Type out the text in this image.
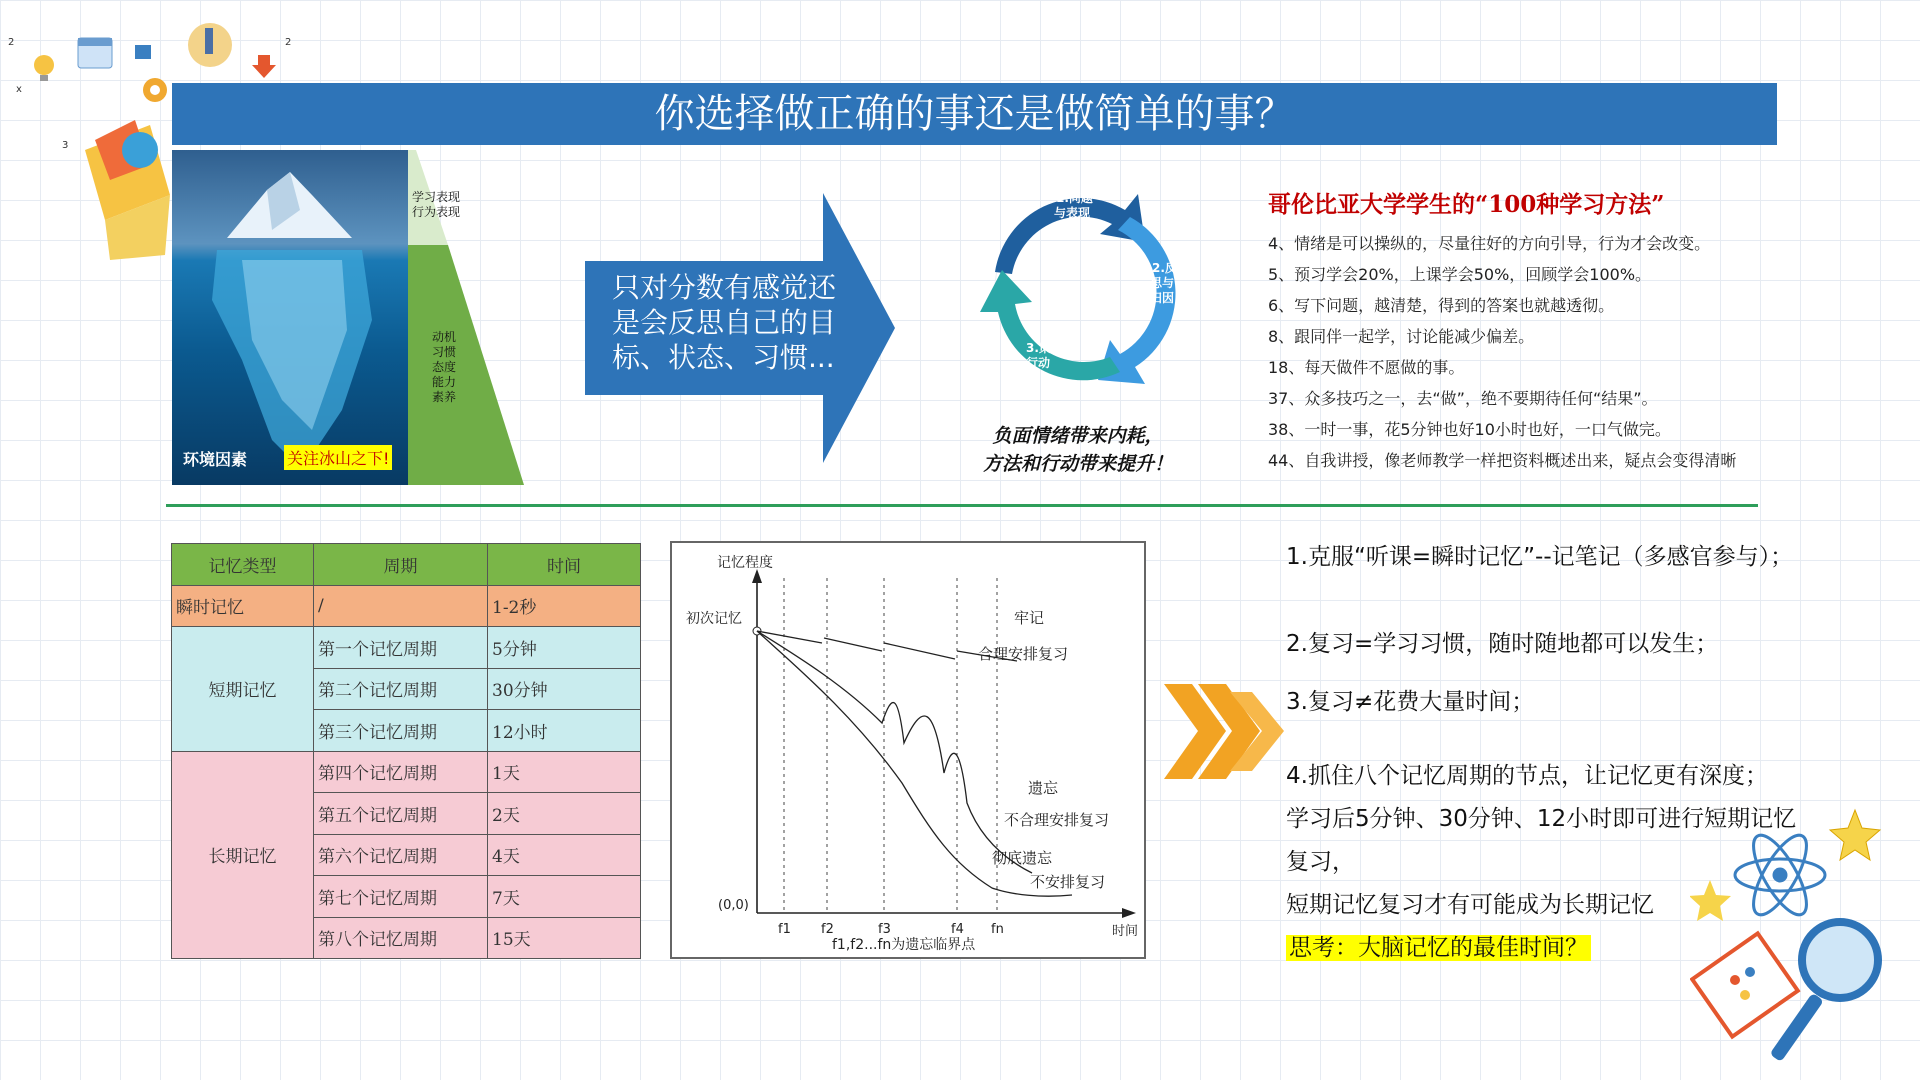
2	2
x
3
你选择做正确的事还是做简单的事？
学习表现
行为表现
动机
习惯
态度
能力
素养
环境因素 关注冰山之下!
只对分数有感觉还是会反思自己的目标、状态、习惯...
1.问题
与表现
2.反
思与
归因
3.策略与
行动
负面情绪带来内耗，
方法和行动带来提升！
哥伦比亚大学学生的“100种学习方法”
4、情绪是可以操纵的，尽量往好的方向引导，行为才会改变。
5、预习学会20%，上课学会50%，回顾学会100%。
6、写下问题，越清楚，得到的答案也就越透彻。
8、跟同伴一起学，讨论能减少偏差。
18、每天做件不愿做的事。
37、众多技巧之一，去“做”，绝不要期待任何“结果”。
38、一时一事，花5分钟也好10小时也好，一口气做完。
44、自我讲授，像老师教学一样把资料概述出来，疑点会变得清晰
记忆类型	周期	时间
瞬时记忆	/	1-2秒
短期记忆	第一个记忆周期	5分钟
	第二个记忆周期	30分钟
	第三个记忆周期	12小时
长期记忆	第四个记忆周期	1天
	第五个记忆周期	2天
	第六个记忆周期	4天
	第七个记忆周期	7天
	第八个记忆周期	15天
记忆程度
初次记忆
(0,0)
时间
f1 f2	f3	f4 fn
f1,f2...fn为遗忘临界点
牢记
合理安排复习
遗忘
不合理安排复习
彻底遗忘
不安排复习
1.克服“听课=瞬时记忆”--记笔记（多感官参与）；
2.复习=学习习惯，随时随地都可以发生；
3.复习≠花费大量时间；
4.抓住八个记忆周期的节点，让记忆更有深度；
学习后5分钟、30分钟、12小时即可进行短期记忆复习，
短期记忆复习才有可能成为长期记忆
思考：大脑记忆的最佳时间？
